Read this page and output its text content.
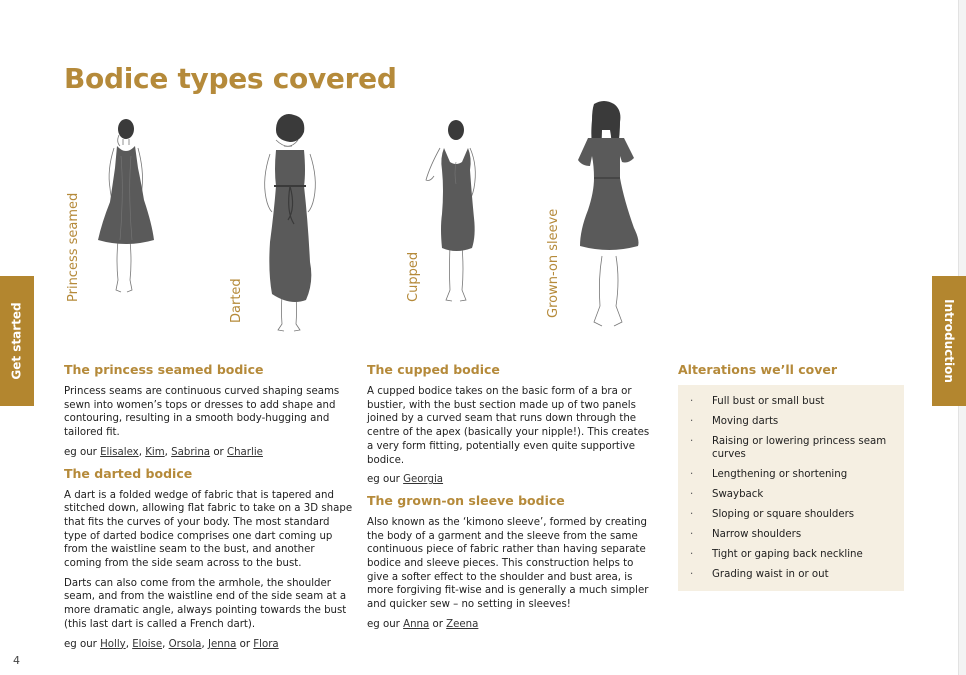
Bodice types covered
Get started	Introduction
Princess seamed	Darted	Cupped	Grown-on sleeve
The princess seamed bodice

Princess seams are continuous curved shaping seams sewn into women’s tops or dresses to add shape and contouring, resulting in a smooth body-hugging and tailored fit.

eg our Elisalex, Kim, Sabrina or Charlie

The darted bodice

A dart is a folded wedge of fabric that is tapered and stitched down, allowing flat fabric to take on a 3D shape that fits the curves of your body. The most standard type of darted bodice comprises one dart coming up from the waistline seam to the bust, and another coming from the side seam across to the bust.

Darts can also come from the armhole, the shoulder seam, and from the waistline end of the side seam at a more dramatic angle, always pointing towards the bust (this last dart is called a French dart).

eg our Holly, Eloise, Orsola, Jenna or Flora

The cupped bodice

A cupped bodice takes on the basic form of a bra or bustier, with the bust section made up of two panels joined by a curved seam that runs down through the centre of the apex (basically your nipple!). This creates a very form fitting, potentially even quite supportive bodice.

eg our Georgia

The grown-on sleeve bodice

Also known as the ‘kimono sleeve’, formed by creating the body of a garment and the sleeve from the same continuous piece of fabric rather than having separate bodice and sleeve pieces. This construction helps to give a softer effect to the shoulder and bust area, is more forgiving fit-wise and is generally a much simpler and quicker sew – no setting in sleeves!

eg our Anna or Zeena

Alterations we’ll cover
·	Full bust or small bust
·	Moving darts
·	Raising or lowering princess seam curves
·	Lengthening or shortening
·	Swayback
·	Sloping or square shoulders
·	Narrow shoulders
·	Tight or gaping back neckline
·	Grading waist in or out
4
